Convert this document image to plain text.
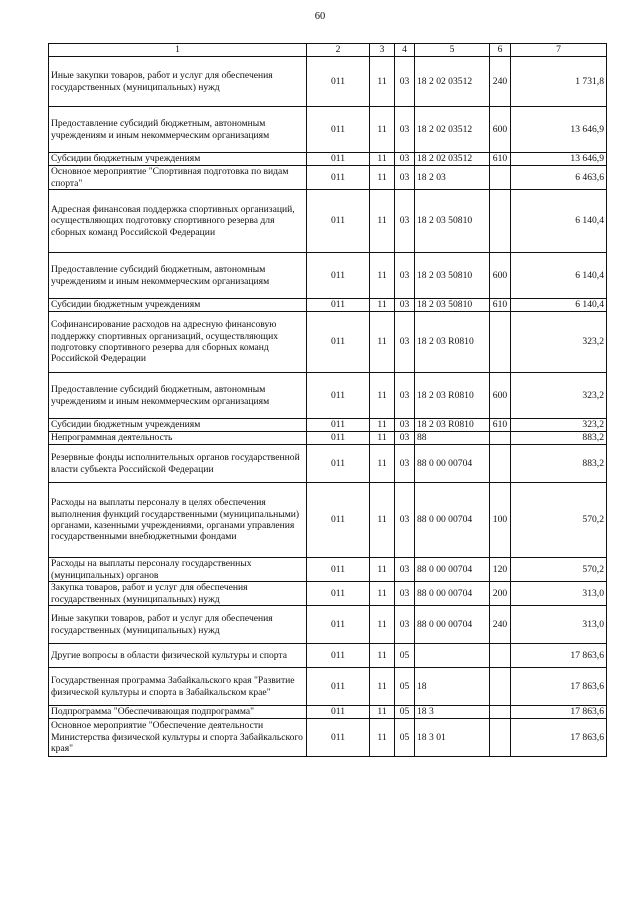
60
1	2	3	4	5	6	7
Иные закупки товаров, работ и услуг для обеспечения государственных (муниципальных) нужд	011	11	03	18 2 02 03512	240	1 731,8
Предоставление субсидий бюджетным, автономным учреждениям и иным некоммерческим организациям	011	11	03	18 2 02 03512	600	13 646,9
Субсидии бюджетным учреждениям	011	11	03	18 2 02 03512	610	13 646,9
Основное мероприятие "Спортивная подготовка по видам спорта"	011	11	03	18 2 03		6 463,6
Адресная финансовая поддержка спортивных организаций, осуществляющих подготовку спортивного резерва для сборных команд Российской Федерации	011	11	03	18 2 03 50810		6 140,4
Предоставление субсидий бюджетным, автономным учреждениям и иным некоммерческим организациям	011	11	03	18 2 03 50810	600	6 140,4
Субсидии бюджетным учреждениям	011	11	03	18 2 03 50810	610	6 140,4
Софинансирование расходов на адресную финансовую поддержку спортивных организаций, осуществляющих подготовку спортивного резерва для сборных команд Российской Федерации	011	11	03	18 2 03 R0810		323,2
Предоставление субсидий бюджетным, автономным учреждениям и иным некоммерческим организациям	011	11	03	18 2 03 R0810	600	323,2
Субсидии бюджетным учреждениям	011	11	03	18 2 03 R0810	610	323,2
Непрограммная деятельность	011	11	03	88		883,2
Резервные фонды исполнительных органов государственной власти субъекта Российской Федерации	011	11	03	88 0 00 00704		883,2
Расходы на выплаты персоналу в целях обеспечения выполнения функций государственными (муниципальными) органами, казенными учреждениями, органами управления государственными внебюджетными фондами	011	11	03	88 0 00 00704	100	570,2
Расходы на выплаты персоналу государственных (муниципальных) органов	011	11	03	88 0 00 00704	120	570,2
Закупка товаров, работ и услуг для обеспечения государственных (муниципальных) нужд	011	11	03	88 0 00 00704	200	313,0
Иные закупки товаров, работ и услуг для обеспечения государственных (муниципальных) нужд	011	11	03	88 0 00 00704	240	313,0
Другие вопросы в области физической культуры и спорта	011	11	05			17 863,6
Государственная программа Забайкальского края "Развитие физической культуры и спорта в Забайкальском крае"	011	11	05	18		17 863,6
Подпрограмма "Обеспечивающая подпрограмма"	011	11	05	18 3		17 863,6
Основное мероприятие "Обеспечение деятельности Министерства физической культуры и спорта Забайкальского края"	011	11	05	18 3 01		17 863,6
